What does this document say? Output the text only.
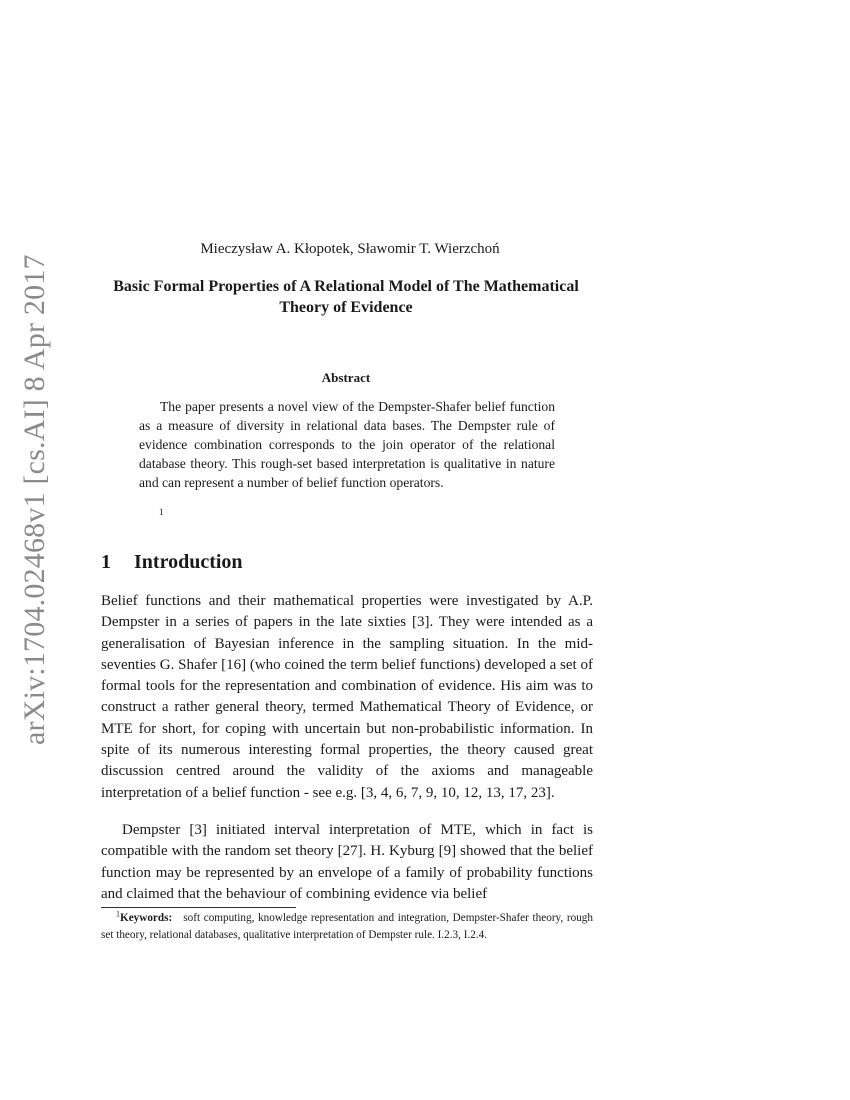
arXiv:1704.02468v1 [cs.AI] 8 Apr 2017
Mieczysław A. Kłopotek, Sławomir T. Wierzchoń
Basic Formal Properties of A Relational Model of The Mathematical Theory of Evidence
Abstract

The paper presents a novel view of the Dempster-Shafer belief function as a measure of diversity in relational data bases. The Dempster rule of evidence combination corresponds to the join operator of the relational database theory. This rough-set based interpretation is qualitative in nature and can represent a number of belief function operators.

1
1 Introduction

Belief functions and their mathematical properties were investigated by A.P. Dempster in a series of papers in the late sixties [3]. They were intended as a generalisation of Bayesian inference in the sampling situation. In the mid-seventies G. Shafer [16] (who coined the term belief functions) developed a set of formal tools for the representation and combination of evidence. His aim was to construct a rather general theory, termed Mathematical Theory of Evidence, or MTE for short, for coping with uncertain but non-probabilistic information. In spite of its numerous interesting formal properties, the theory caused great discussion centred around the validity of the axioms and manageable interpretation of a belief function - see e.g. [3, 4, 6, 7, 9, 10, 12, 13, 17, 23].

Dempster [3] initiated interval interpretation of MTE, which in fact is compatible with the random set theory [27]. H. Kyburg [9] showed that the belief function may be represented by an envelope of a family of probability functions and claimed that the behaviour of combining evidence via belief

$^1$Keywords: soft computing, knowledge representation and integration, Dempster-Shafer theory, rough set theory, relational databases, qualitative interpretation of Dempster rule. I.2.3, I.2.4.
